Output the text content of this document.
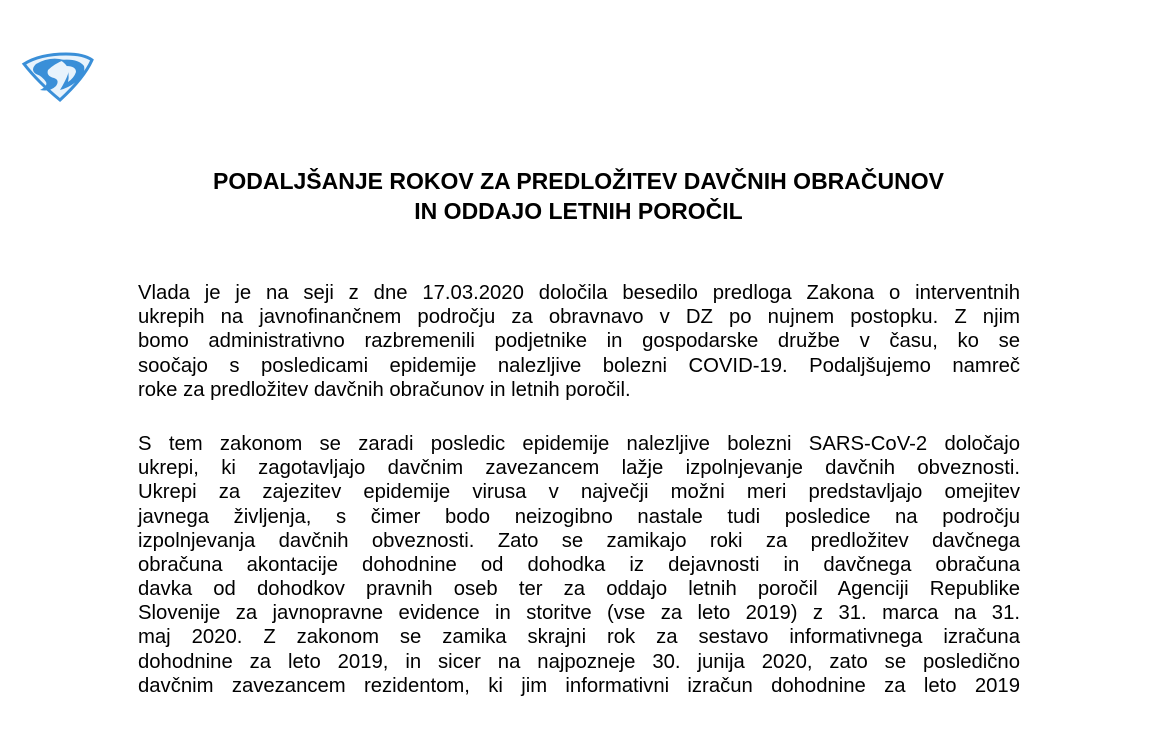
PODALJŠANJE ROKOV ZA PREDLOŽITEV DAVČNIH OBRAČUNOV
IN ODDAJO LETNIH POROČIL

Vlada je je na seji z dne 17.03.2020 določila besedilo predloga Zakona o interventnih
ukrepih na javnofinančnem področju za obravnavo v DZ po nujnem postopku. Z njim
bomo administrativno razbremenili podjetnike in gospodarske družbe v času, ko se
soočajo s posledicami epidemije nalezljive bolezni COVID-19. Podaljšujemo namreč
roke za predložitev davčnih obračunov in letnih poročil.

S tem zakonom se zaradi posledic epidemije nalezljive bolezni SARS-CoV-2 določajo
ukrepi, ki zagotavljajo davčnim zavezancem lažje izpolnjevanje davčnih obveznosti.
Ukrepi za zajezitev epidemije virusa v največji možni meri predstavljajo omejitev
javnega življenja, s čimer bodo neizogibno nastale tudi posledice na področju
izpolnjevanja davčnih obveznosti. Zato se zamikajo roki za predložitev davčnega
obračuna akontacije dohodnine od dohodka iz dejavnosti in davčnega obračuna
davka od dohodkov pravnih oseb ter za oddajo letnih poročil Agenciji Republike
Slovenije za javnopravne evidence in storitve (vse za leto 2019) z 31. marca na 31.
maj 2020. Z zakonom se zamika skrajni rok za sestavo informativnega izračuna
dohodnine za leto 2019, in sicer na najpozneje 30. junija 2020, zato se posledično
davčnim zavezancem rezidentom, ki jim informativni izračun dohodnine za leto 2019
